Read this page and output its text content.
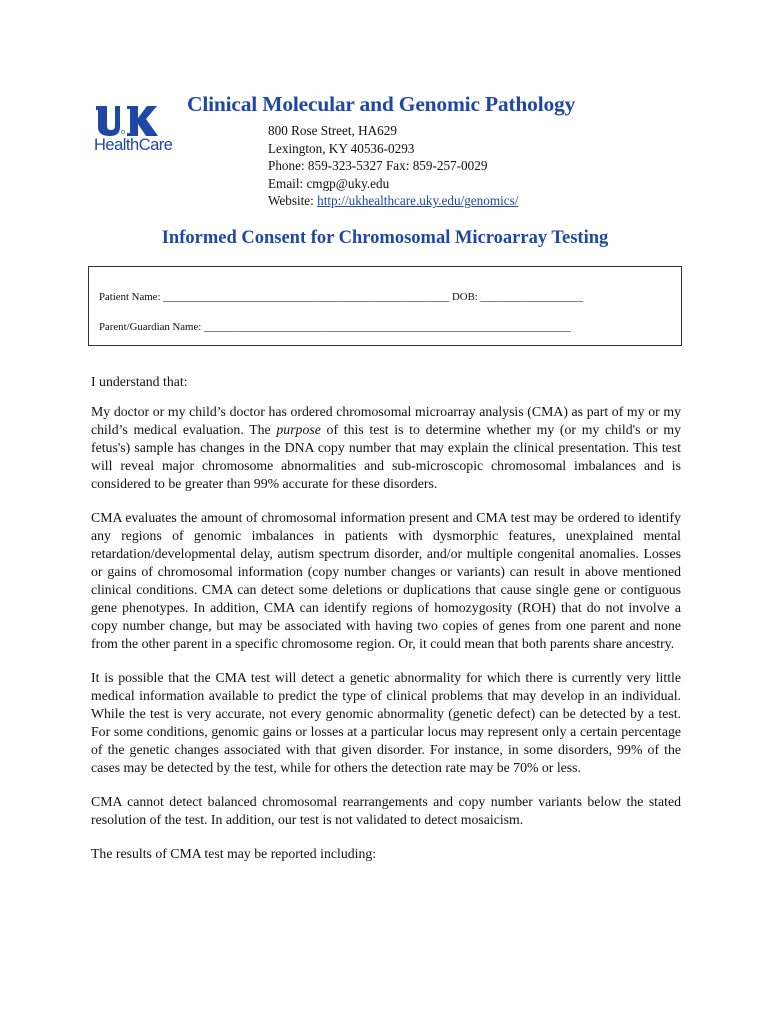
HealthCare
Clinical Molecular and Genomic Pathology
800 Rose Street, HA629
Lexington, KY 40536-0293
Phone: 859-323-5327 Fax: 859-257-0029
Email: cmgp@uky.edu
Website: http://ukhealthcare.uky.edu/genomics/
Informed Consent for Chromosomal Microarray Testing
Patient Name: _____________________________________________________ DOB: ___________________
Parent/Guardian Name: ____________________________________________________________________

I understand that:

My doctor or my child’s doctor has ordered chromosomal microarray analysis (CMA) as part of my or my child’s medical evaluation. The purpose of this test is to determine whether my (or my child's or my fetus's) sample has changes in the DNA copy number that may explain the clinical presentation. This test will reveal major chromosome abnormalities and sub-microscopic chromosomal imbalances and is considered to be greater than 99% accurate for these disorders.

CMA evaluates the amount of chromosomal information present and CMA test may be ordered to identify any regions of genomic imbalances in patients with dysmorphic features, unexplained mental retardation/developmental delay, autism spectrum disorder, and/or multiple congenital anomalies. Losses or gains of chromosomal information (copy number changes or variants) can result in above mentioned clinical conditions. CMA can detect some deletions or duplications that cause single gene or contiguous gene phenotypes. In addition, CMA can identify regions of homozygosity (ROH) that do not involve a copy number change, but may be associated with having two copies of genes from one parent and none from the other parent in a specific chromosome region. Or, it could mean that both parents share ancestry.

It is possible that the CMA test will detect a genetic abnormality for which there is currently very little medical information available to predict the type of clinical problems that may develop in an individual. While the test is very accurate, not every genomic abnormality (genetic defect) can be detected by a test. For some conditions, genomic gains or losses at a particular locus may represent only a certain percentage of the genetic changes associated with that given disorder. For instance, in some disorders, 99% of the cases may be detected by the test, while for others the detection rate may be 70% or less.

CMA cannot detect balanced chromosomal rearrangements and copy number variants below the stated resolution of the test. In addition, our test is not validated to detect mosaicism.

The results of CMA test may be reported including:
